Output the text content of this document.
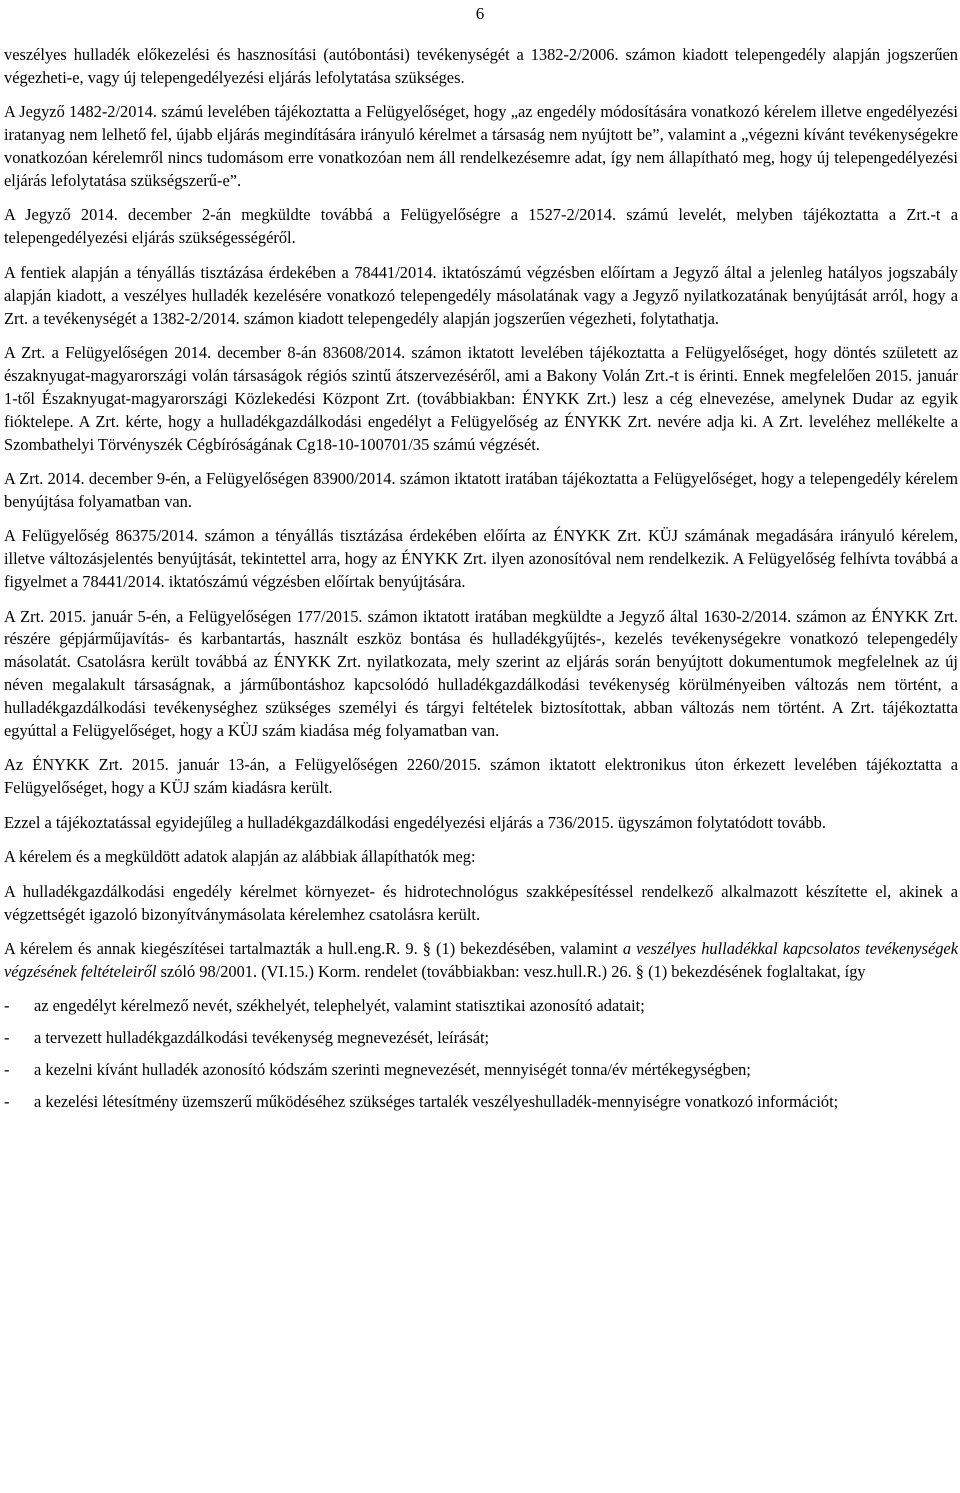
6

veszélyes hulladék előkezelési és hasznosítási (autóbontási) tevékenységét a 1382-2/2006. számon kiadott telepengedély alapján jogszerűen végezheti-e, vagy új telepengedélyezési eljárás lefolytatása szükséges.

A Jegyző 1482-2/2014. számú levelében tájékoztatta a Felügyelőséget, hogy „az engedély módosítására vonatkozó kérelem illetve engedélyezési iratanyag nem lelhető fel, újabb eljárás megindítására irányuló kérelmet a társaság nem nyújtott be”, valamint a „végezni kívánt tevékenységekre vonatkozóan kérelemről nincs tudomásom erre vonatkozóan nem áll rendelkezésemre adat, így nem állapítható meg, hogy új telepengedélyezési eljárás lefolytatása szükségszerű-e”.

A Jegyző 2014. december 2-án megküldte továbbá a Felügyelőségre a 1527-2/2014. számú levelét, melyben tájékoztatta a Zrt.-t a telepengedélyezési eljárás szükségességéről.

A fentiek alapján a tényállás tisztázása érdekében a 78441/2014. iktatószámú végzésben előírtam a Jegyző által a jelenleg hatályos jogszabály alapján kiadott, a veszélyes hulladék kezelésére vonatkozó telepengedély másolatának vagy a Jegyző nyilatkozatának benyújtását arról, hogy a Zrt. a tevékenységét a 1382-2/2014. számon kiadott telepengedély alapján jogszerűen végezheti, folytathatja.

A Zrt. a Felügyelőségen 2014. december 8-án 83608/2014. számon iktatott levelében tájékoztatta a Felügyelőséget, hogy döntés született az északnyugat-magyarországi volán társaságok régiós szintű átszervezéséről, ami a Bakony Volán Zrt.-t is érinti. Ennek megfelelően 2015. január 1-től Északnyugat-magyarországi Közlekedési Központ Zrt. (továbbiakban: ÉNYKK Zrt.) lesz a cég elnevezése, amelynek Dudar az egyik fióktelepe. A Zrt. kérte, hogy a hulladékgazdálkodási engedélyt a Felügyelőség az ÉNYKK Zrt. nevére adja ki. A Zrt. leveléhez mellékelte a Szombathelyi Törvényszék Cégbíróságának Cg18-10-100701/35 számú végzését.

A Zrt. 2014. december 9-én, a Felügyelőségen 83900/2014. számon iktatott iratában tájékoztatta a Felügyelőséget, hogy a telepengedély kérelem benyújtása folyamatban van.

A Felügyelőség 86375/2014. számon a tényállás tisztázása érdekében előírta az ÉNYKK Zrt. KÜJ számának megadására irányuló kérelem, illetve változásjelentés benyújtását, tekintettel arra, hogy az ÉNYKK Zrt. ilyen azonosítóval nem rendelkezik. A Felügyelőség felhívta továbbá a figyelmet a 78441/2014. iktatószámú végzésben előírtak benyújtására.

A Zrt. 2015. január 5-én, a Felügyelőségen 177/2015. számon iktatott iratában megküldte a Jegyző által 1630-2/2014. számon az ÉNYKK Zrt. részére gépjárműjavítás- és karbantartás, használt eszköz bontása és hulladékgyűjtés-, kezelés tevékenységekre vonatkozó telepengedély másolatát. Csatolásra került továbbá az ÉNYKK Zrt. nyilatkozata, mely szerint az eljárás során benyújtott dokumentumok megfelelnek az új néven megalakult társaságnak, a járműbontáshoz kapcsolódó hulladékgazdálkodási tevékenység körülményeiben változás nem történt, a hulladékgazdálkodási tevékenységhez szükséges személyi és tárgyi feltételek biztosítottak, abban változás nem történt. A Zrt. tájékoztatta egyúttal a Felügyelőséget, hogy a KÜJ szám kiadása még folyamatban van.

Az ÉNYKK Zrt. 2015. január 13-án, a Felügyelőségen 2260/2015. számon iktatott elektronikus úton érkezett levelében tájékoztatta a Felügyelőséget, hogy a KÜJ szám kiadásra került.

Ezzel a tájékoztatással egyidejűleg a hulladékgazdálkodási engedélyezési eljárás a 736/2015. ügyszámon folytatódott tovább.

A kérelem és a megküldött adatok alapján az alábbiak állapíthatók meg:

A hulladékgazdálkodási engedély kérelmet környezet- és hidrotechnológus szakképesítéssel rendelkező alkalmazott készítette el, akinek a végzettségét igazoló bizonyítványmásolata kérelemhez csatolásra került.

A kérelem és annak kiegészítései tartalmazták a hull.eng.R. 9. § (1) bekezdésében, valamint a veszélyes hulladékkal kapcsolatos tevékenységek végzésének feltételeiről szóló 98/2001. (VI.15.) Korm. rendelet (továbbiakban: vesz.hull.R.) 26. § (1) bekezdésének foglaltakat, így

-	az engedélyt kérelmező nevét, székhelyét, telephelyét, valamint statisztikai azonosító adatait;
-	a tervezett hulladékgazdálkodási tevékenység megnevezését, leírását;
-	a kezelni kívánt hulladék azonosító kódszám szerinti megnevezését, mennyiségét tonna/év mértékegységben;
-	a kezelési létesítmény üzemszerű működéséhez szükséges tartalék veszélyeshulladék-mennyiségre vonatkozó információt;
